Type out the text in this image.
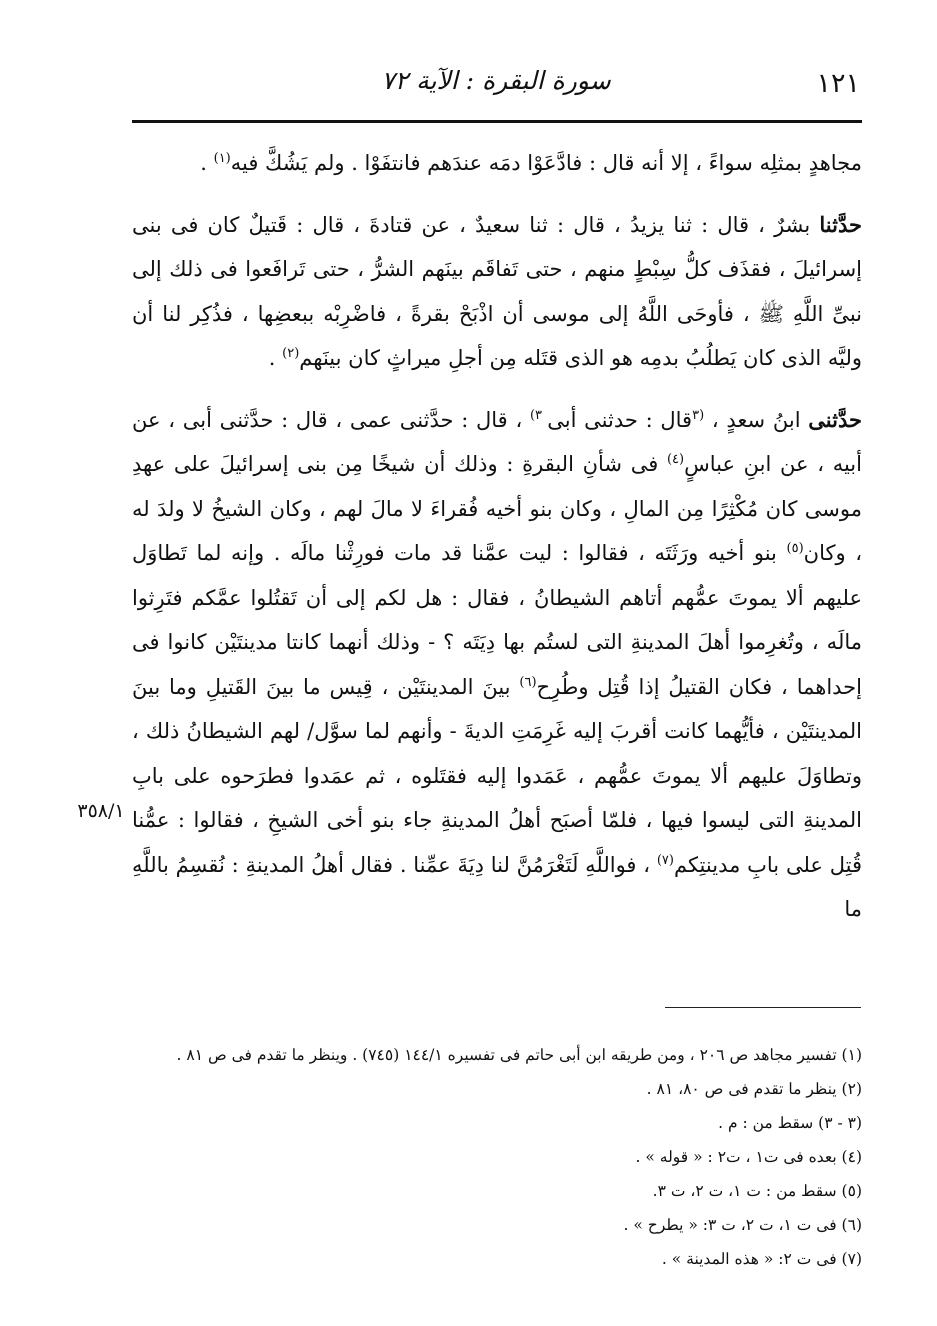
١٢١
سورة البقرة : الآية ٧٢

مجاهدٍ بمثلِه سواءً ، إلا أنه قال : فادَّعَوْا دمَه عندَهم فانتفَوْا . ولم يَشُكَّ فيه$^{(١)}$ .

حدَّثنا بشرٌ ، قال : ثنا يزيدُ ، قال : ثنا سعيدٌ ، عن قتادةَ ، قال : قَتيلٌ كان فى بنى إسرائيلَ ، فقذَف كلُّ سِبْطٍ منهم ، حتى تَفاقَم بينَهم الشرُّ ، حتى تَرافَعوا فى ذلك إلى نبىِّ اللَّهِ ﷺ ، فأوحَى اللَّهُ إلى موسى أن اذْبَحْ بقرةً ، فاضْرِبْه ببعضِها ، فذُكِر لنا أن وليَّه الذى كان يَطلُبُ بدمِه هو الذى قتَله مِن أجلِ ميراثٍ كان بينَهم$^{(٢)}$ .

حدَّثنى ابنُ سعدٍ ، $^{(٣}$قال : حدثنى أبى $^{٣)}$ ، قال : حدَّثنى عمى ، قال : حدَّثنى أبى ، عن أبيه ، عن ابنِ عباسٍ$^{(٤)}$ فى شأنِ البقرةِ : وذلك أن شيخًا مِن بنى إسرائيلَ على عهدِ موسى كان مُكْثِرًا مِن المالِ ، وكان بنو أخيه فُقراءَ لا مالَ لهم ، وكان الشيخُ لا ولدَ له ، وكان$^{(٥)}$ بنو أخيه ورَثَتَه ، فقالوا : ليت عمَّنا قد مات فورِثْنا مالَه . وإنه لما تَطاوَل عليهم ألا يموتَ عمُّهم أتاهم الشيطانُ ، فقال : هل لكم إلى أن تَقتُلوا عمَّكم فتَرِثوا مالَه ، وتُغرِموا أهلَ المدينةِ التى لستُم بها دِيَتَه ؟ - وذلك أنهما كانتا مدينتَيْن كانوا فى إحداهما ، فكان القتيلُ إذا قُتِل وطُرِح$^{(٦)}$ بينَ المدينتَيْن ، قِيس ما بينَ القَتيلِ وما بينَ المدينتَيْن ، فأيُّهما كانت أقربَ إليه غَرِمَتِ الديةَ - وأنهم لما سوَّل/ لهم الشيطانُ ذلك ، وتطاوَلَ عليهم ألا يموتَ عمُّهم ، عَمَدوا إليه فقتَلوه ، ثم عمَدوا فطرَحوه على بابِ المدينةِ التى ليسوا فيها ، فلمّا أصبَح أهلُ المدينةِ جاء بنو أخى الشيخِ ، فقالوا : عمُّنا قُتِل على بابِ مدينتِكم$^{(٧)}$ ، فواللَّهِ لَتَغْرَمُنَّ لنا دِيَةَ عمِّنا . فقال أهلُ المدينةِ : نُقسِمُ باللَّهِ ما

٣٥٨/١
(١) تفسير مجاهد ص ٢٠٦ ، ومن طريقه ابن أبى حاتم فى تفسيره ١٤٤/١ (٧٤٥) . وينظر ما تقدم فى ص ٨١ .
(٢) ينظر ما تقدم فى ص ٨٠، ٨١ .
(٣ - ٣) سقط من : م .
(٤) بعده فى ت١ ، ت٢ : « قوله » .
(٥) سقط من : ت ١، ت ٢، ت ٣.
(٦) فى ت ١، ت ٢، ت ٣: « يطرح » .
(٧) فى ت ٢: « هذه المدينة » .
